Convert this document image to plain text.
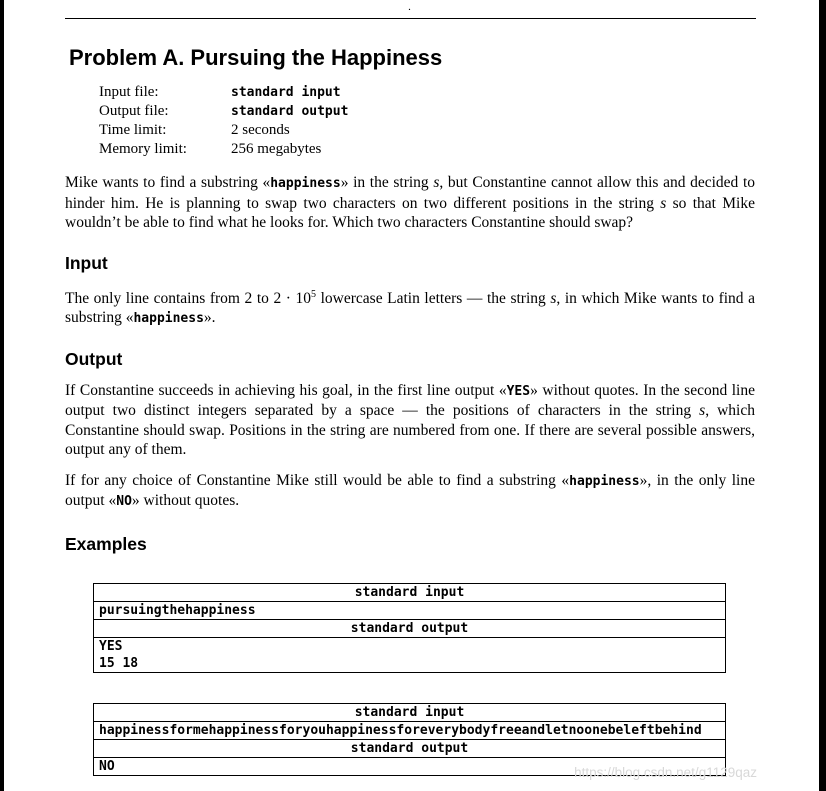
.
Problem A. Pursuing the Happiness
Input file:	standard input
Output file:	standard output
Time limit:	2 seconds
Memory limit:	256 megabytes

Mike wants to find a substring «happiness» in the string s, but Constantine cannot allow this and decided to hinder him. He is planning to swap two characters on two different positions in the string s so that Mike wouldn’t be able to find what he looks for. Which two characters Constantine should swap?

Input

The only line contains from 2 to $2 \cdot 10^5$ lowercase Latin letters — the string s, in which Mike wants to find a substring «happiness».

Output

If Constantine succeeds in achieving his goal, in the first line output «YES» without quotes. In the second line output two distinct integers separated by a space — the positions of characters in the string s, which Constantine should swap. Positions in the string are numbered from one. If there are several possible answers, output any of them.

If for any choice of Constantine Mike still would be able to find a substring «happiness», in the only line output «NO» without quotes.

Examples
standard input
pursuingthehappiness
standard output
YES
15 18
standard input
happinessformehappinessforyouhappinessforeverybodyfreeandletnoonebeleftbehind
standard output
NO	https://blog.csdn.net/g1129qaz
